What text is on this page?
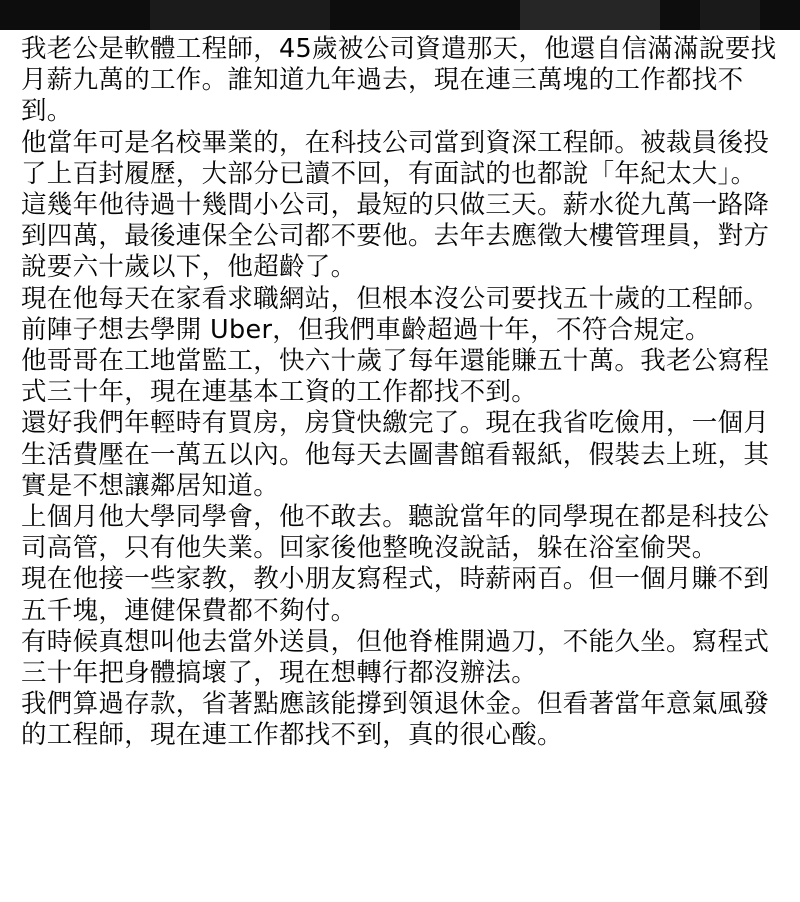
我老公是軟體工程師，45歲被公司資遣那天，他還自信滿滿說要找月薪九萬的工作。誰知道九年過去，現在連三萬塊的工作都找不到。

他當年可是名校畢業的，在科技公司當到資深工程師。被裁員後投了上百封履歷，大部分已讀不回，有面試的也都說「年紀太大」。

這幾年他待過十幾間小公司，最短的只做三天。薪水從九萬一路降到四萬，最後連保全公司都不要他。去年去應徵大樓管理員，對方說要六十歲以下，他超齡了。

現在他每天在家看求職網站，但根本沒公司要找五十歲的工程師。前陣子想去學開 Uber，但我們車齡超過十年，不符合規定。

他哥哥在工地當監工，快六十歲了每年還能賺五十萬。我老公寫程式三十年，現在連基本工資的工作都找不到。

還好我們年輕時有買房，房貸快繳完了。現在我省吃儉用，一個月生活費壓在一萬五以內。他每天去圖書館看報紙，假裝去上班，其實是不想讓鄰居知道。

上個月他大學同學會，他不敢去。聽說當年的同學現在都是科技公司高管，只有他失業。回家後他整晚沒說話，躲在浴室偷哭。

現在他接一些家教，教小朋友寫程式，時薪兩百。但一個月賺不到五千塊，連健保費都不夠付。

有時候真想叫他去當外送員，但他脊椎開過刀，不能久坐。寫程式三十年把身體搞壞了，現在想轉行都沒辦法。

我們算過存款，省著點應該能撐到領退休金。但看著當年意氣風發的工程師，現在連工作都找不到，真的很心酸。
